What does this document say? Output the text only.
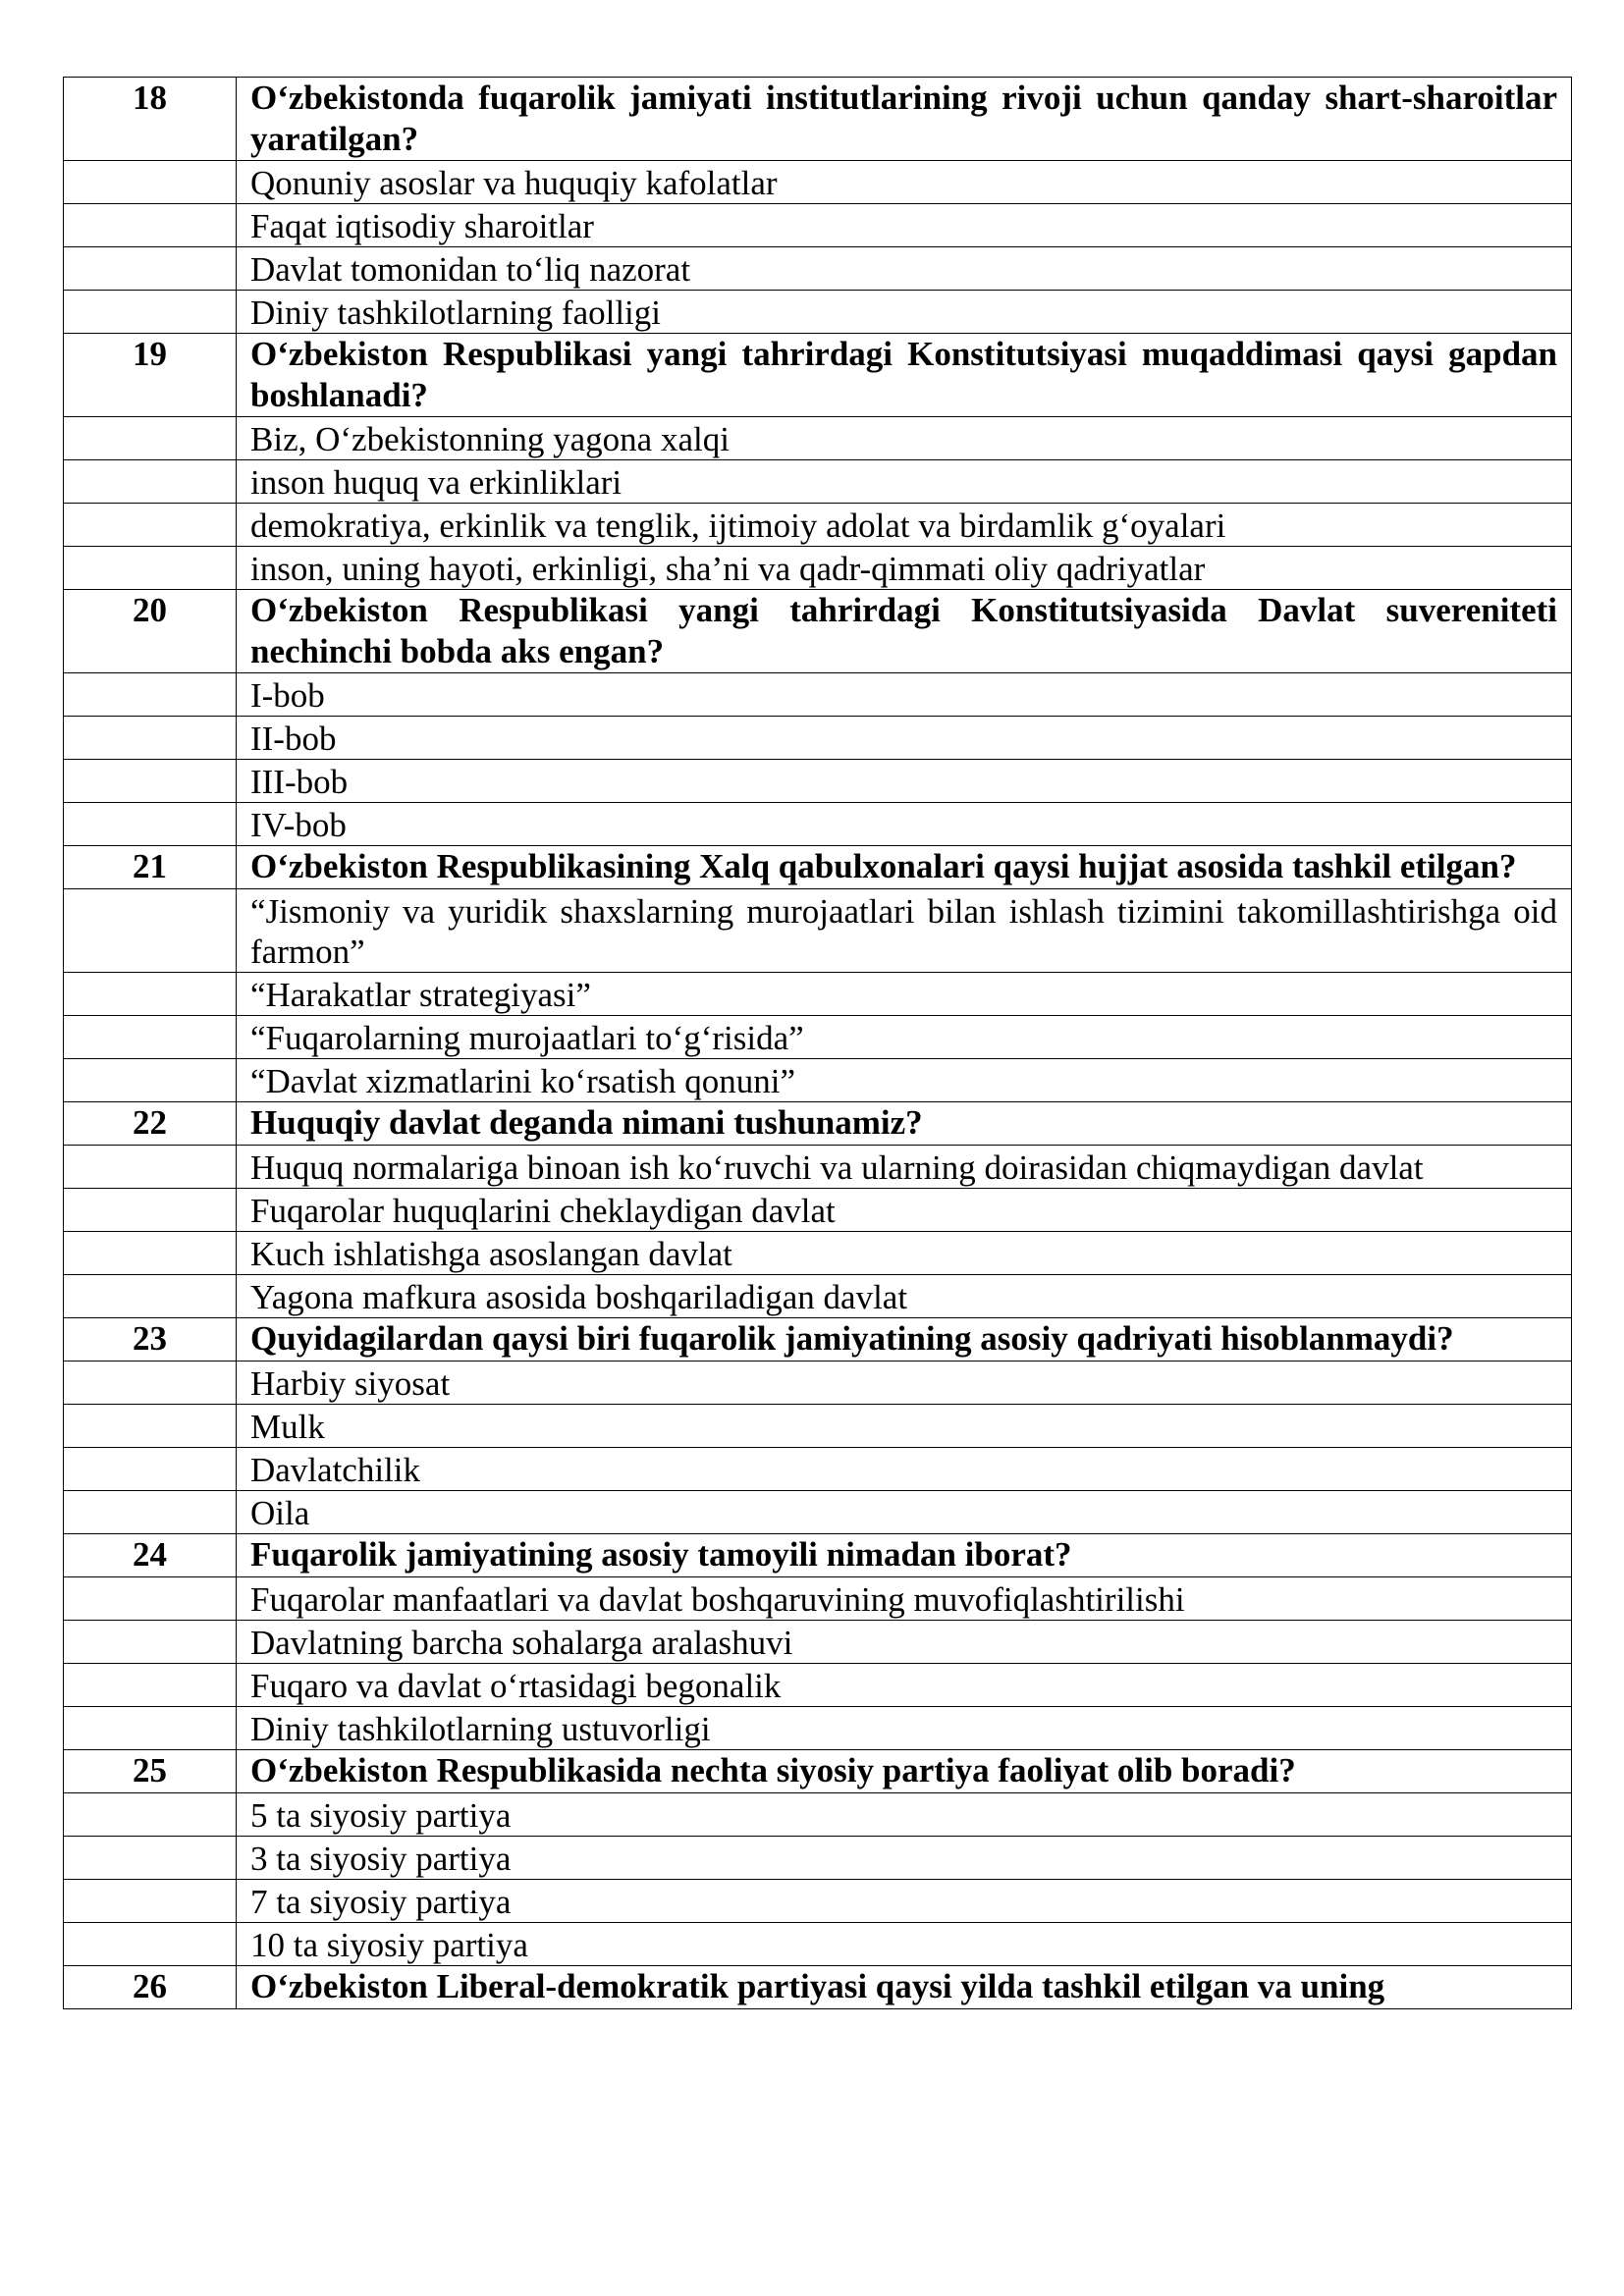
18	O‘zbekistonda fuqarolik jamiyati institutlarining rivoji uchun qanday shart-sharoitlar yaratilgan?
	Qonuniy asoslar va huquqiy kafolatlar
	Faqat iqtisodiy sharoitlar
	Davlat tomonidan to‘liq nazorat
	Diniy tashkilotlarning faolligi
19	O‘zbekiston Respublikasi yangi tahrirdagi Konstitutsiyasi muqaddimasi qaysi gapdan boshlanadi?
	Biz, O‘zbekistonning yagona xalqi
	inson huquq va erkinliklari
	demokratiya, erkinlik va tenglik, ijtimoiy adolat va birdamlik g‘oyalari
	inson, uning hayoti, erkinligi, sha’ni va qadr-qimmati oliy qadriyatlar
20	O‘zbekiston Respublikasi yangi tahrirdagi Konstitutsiyasida Davlat suvereniteti nechinchi bobda aks engan?
	I-bob
	II-bob
	III-bob
	IV-bob
21	O‘zbekiston Respublikasining Xalq qabulxonalari qaysi hujjat asosida tashkil etilgan?
	“Jismoniy va yuridik shaxslarning murojaatlari bilan ishlash tizimini takomillashtirishga oid farmon”
	“Harakatlar strategiyasi”
	“Fuqarolarning murojaatlari to‘g‘risida”
	“Davlat xizmatlarini ko‘rsatish qonuni”
22	Huquqiy davlat deganda nimani tushunamiz?
	Huquq normalariga binoan ish ko‘ruvchi va ularning doirasidan chiqmaydigan davlat
	Fuqarolar huquqlarini cheklaydigan davlat
	Kuch ishlatishga asoslangan davlat
	Yagona mafkura asosida boshqariladigan davlat
23	Quyidagilardan qaysi biri fuqarolik jamiyatining asosiy qadriyati hisoblanmaydi?
	Harbiy siyosat
	Mulk
	Davlatchilik
	Oila
24	Fuqarolik jamiyatining asosiy tamoyili nimadan iborat?
	Fuqarolar manfaatlari va davlat boshqaruvining muvofiqlashtirilishi
	Davlatning barcha sohalarga aralashuvi
	Fuqaro va davlat o‘rtasidagi begonalik
	Diniy tashkilotlarning ustuvorligi
25	O‘zbekiston Respublikasida nechta siyosiy partiya faoliyat olib boradi?
	5 ta siyosiy partiya
	3 ta siyosiy partiya
	7 ta siyosiy partiya
	10 ta siyosiy partiya
26	O‘zbekiston Liberal-demokratik partiyasi qaysi yilda tashkil etilgan va uning
